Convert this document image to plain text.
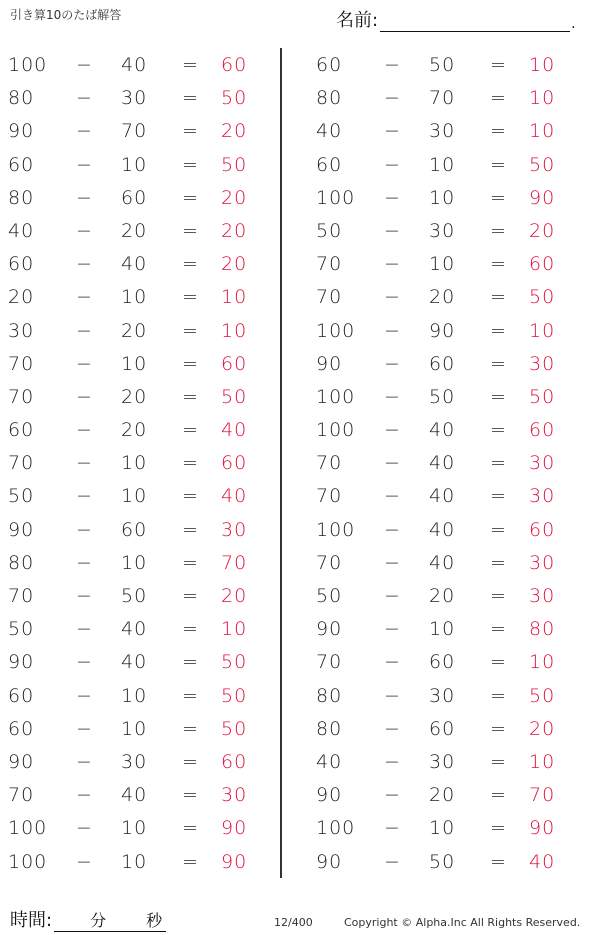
引き算10のたば解答	名前:	.
100 − 40	= 60
80	− 30	= 50
90	− 70	= 20
60	− 10	= 50
80	− 60	= 20
40	− 20	= 20
60	− 40	= 20
20	− 10	= 10
30	− 20	= 10
70	− 10	= 60
70	− 20	= 50
60	− 20	= 40
70	− 10	= 60
50	− 10	= 40
90	− 60	= 30
80	− 10	= 70
70	− 50	= 20
50	− 40	= 10
90	− 40	= 50
60	− 10	= 50
60	− 10	= 50
90	− 30	= 60
70	− 40	= 30
100 − 10	= 90
100 − 10	= 90
60	− 50	= 10
80	− 70	= 10
40	− 30	= 10
60	− 10	= 50
100 − 10	= 90
50	− 30	= 20
70	− 10	= 60
70	− 20	= 50
100 − 90	= 10
90	− 60	= 30
100 − 50	= 50
100 − 40	= 60
70	− 40	= 30
70	− 40	= 30
100 − 40	= 60
70	− 40	= 30
50	− 20	= 30
90	− 10	= 80
70	− 60	= 10
80	− 30	= 50
80	− 60	= 20
40	− 30	= 10
90	− 20	= 70
100 − 10	= 90
90	− 50	= 40
時間: 分 秒	12/400	Copyright © Alpha.Inc All Rights Reserved.
